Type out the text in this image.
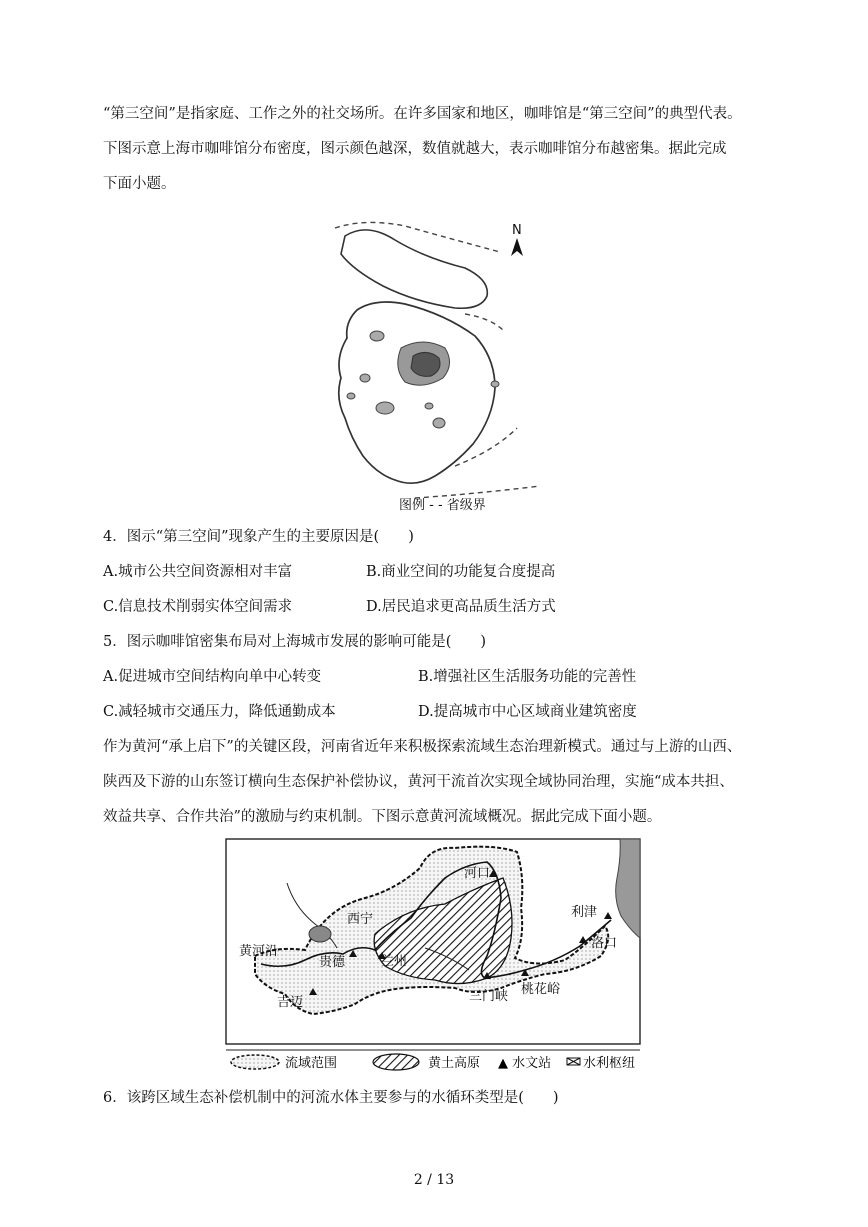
“第三空间”是指家庭、工作之外的社交场所。在许多国家和地区，咖啡馆是“第三空间”的典型代表。
下图示意上海市咖啡馆分布密度，图示颜色越深，数值就越大，表示咖啡馆分布越密集。据此完成
下面小题。
N
图例 - - 省级界
4．图示“第三空间”现象产生的主要原因是(　　)
A.城市公共空间资源相对丰富	B.商业空间的功能复合度提高
C.信息技术削弱实体空间需求	D.居民追求更高品质生活方式
5．图示咖啡馆密集布局对上海城市发展的影响可能是(　　)
A.促进城市空间结构向单中心转变	B.增强社区生活服务功能的完善性
C.减轻城市交通压力，降低通勤成本	D.提高城市中心区域商业建筑密度
作为黄河“承上启下”的关键区段，河南省近年来积极探索流域生态治理新模式。通过与上游的山西、
陕西及下游的山东签订横向生态保护补偿协议，黄河干流首次实现全域协同治理，实施“成本共担、
效益共享、合作共治”的激励与约束机制。下图示意黄河流域概况。据此完成下面小题。
河口
西宁
黄河沿
贵德	兰州
吉迈	三门峡 桃花峪
利津
洛口
流域范围	黄土高原 ▲ 水文站 水利枢纽
6．该跨区域生态补偿机制中的河流水体主要参与的水循环类型是(　　)
2 / 13
